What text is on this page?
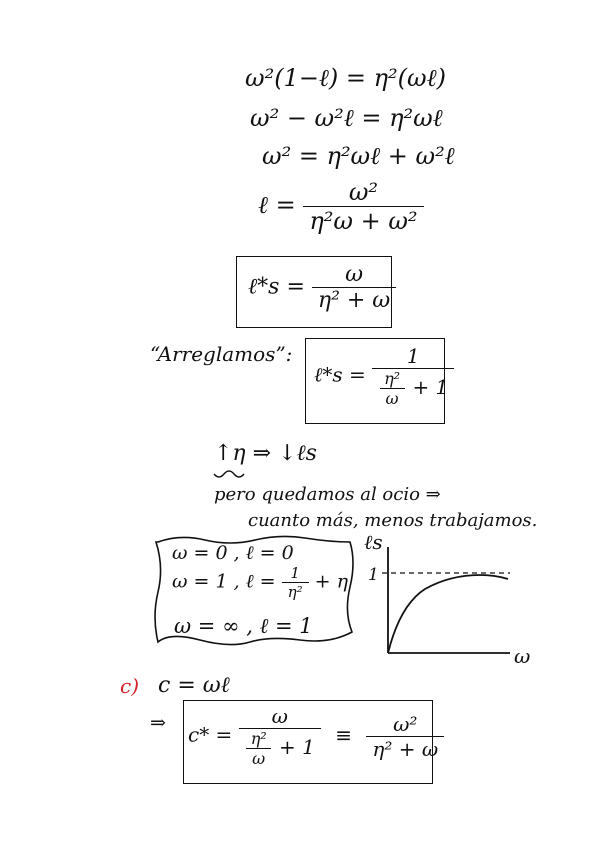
ω²(1−ℓ) = η²(ωℓ)
ω² − ω²ℓ = η²ωℓ
ω² = η²ωℓ + ω²ℓ
ℓ = $\frac{\text{ω²}}{\text{η²ω + ω²}}$
ℓ*s = $\frac{\omega}{\text{η² + ω}}$
“Arreglamos”:
ℓ*s = $\frac{1}{\frac{\text{η²}}{\omega} + 1}$
↑η ⇒ ↓ℓs
pero quedamos al ocio ⇒
cuanto más, menos trabajamos.
ω = 0 , ℓ = 0
ω = 1 , ℓ = $\frac{1}{\text{η²}} + \eta$
ω = ∞ , ℓ = 1
ℓs
1
ω
c) c = ωℓ
⇒ $c* = \frac{\omega}{\frac{\text{η²}}{\omega} + 1} \equiv \frac{\text{ω²}}{\text{η² + ω}}$
